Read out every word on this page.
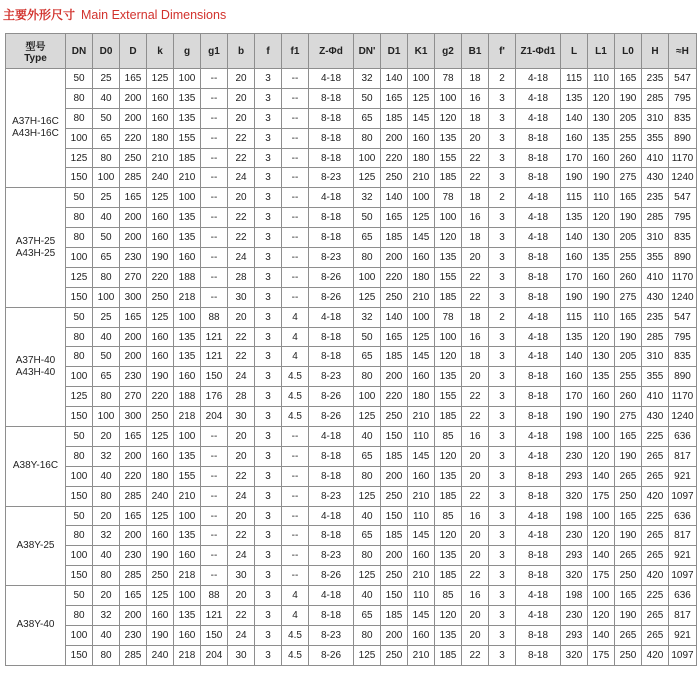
主要外形尺寸 Main External Dimensions
型号
Type	DN	D0	D	k	g	g1	b	f	f1	Z-Φd	DN'	D1	K1	g2	B1	f'	Z1-Φd1	L	L1	L0	H	≈H

A37H-16C
A43H-16C	50	25	165	125	100	--	20	3	--	4-18	32	140	100	78	18	2	4-18	115	110	165	235	547
	80	40	200	160	135	--	20	3	--	8-18	50	165	125	100	16	3	4-18	135	120	190	285	795
	80	50	200	160	135	--	20	3	--	8-18	65	185	145	120	18	3	4-18	140	130	205	310	835
	100	65	220	180	155	--	22	3	--	8-18	80	200	160	135	20	3	8-18	160	135	255	355	890
	125	80	250	210	185	--	22	3	--	8-18	100	220	180	155	22	3	8-18	170	160	260	410	1170
	150	100	285	240	210	--	24	3	--	8-23	125	250	210	185	22	3	8-18	190	190	275	430	1240

A37H-25
A43H-25	50	25	165	125	100	--	20	3	--	4-18	32	140	100	78	18	2	4-18	115	110	165	235	547
	80	40	200	160	135	--	22	3	--	8-18	50	165	125	100	16	3	4-18	135	120	190	285	795
	80	50	200	160	135	--	22	3	--	8-18	65	185	145	120	18	3	4-18	140	130	205	310	835
	100	65	230	190	160	--	24	3	--	8-23	80	200	160	135	20	3	8-18	160	135	255	355	890
	125	80	270	220	188	--	28	3	--	8-26	100	220	180	155	22	3	8-18	170	160	260	410	1170
	150	100	300	250	218	--	30	3	--	8-26	125	250	210	185	22	3	8-18	190	190	275	430	1240

A37H-40
A43H-40	50	25	165	125	100	88	20	3	4	4-18	32	140	100	78	18	2	4-18	115	110	165	235	547
	80	40	200	160	135	121	22	3	4	8-18	50	165	125	100	16	3	4-18	135	120	190	285	795
	80	50	200	160	135	121	22	3	4	8-18	65	185	145	120	18	3	4-18	140	130	205	310	835
	100	65	230	190	160	150	24	3	4.5	8-23	80	200	160	135	20	3	8-18	160	135	255	355	890
	125	80	270	220	188	176	28	3	4.5	8-26	100	220	180	155	22	3	8-18	170	160	260	410	1170
	150	100	300	250	218	204	30	3	4.5	8-26	125	250	210	185	22	3	8-18	190	190	275	430	1240

A38Y-16C	50	20	165	125	100	--	20	3	--	4-18	40	150	110	85	16	3	4-18	198	100	165	225	636
	80	32	200	160	135	--	20	3	--	8-18	65	185	145	120	20	3	4-18	230	120	190	265	817
	100	40	220	180	155	--	22	3	--	8-18	80	200	160	135	20	3	8-18	293	140	265	265	921
	150	80	285	240	210	--	24	3	--	8-23	125	250	210	185	22	3	8-18	320	175	250	420	1097

A38Y-25	50	20	165	125	100	--	20	3	--	4-18	40	150	110	85	16	3	4-18	198	100	165	225	636
	80	32	200	160	135	--	22	3	--	8-18	65	185	145	120	20	3	4-18	230	120	190	265	817
	100	40	230	190	160	--	24	3	--	8-23	80	200	160	135	20	3	8-18	293	140	265	265	921
	150	80	285	250	218	--	30	3	--	8-26	125	250	210	185	22	3	8-18	320	175	250	420	1097

A38Y-40	50	20	165	125	100	88	20	3	4	4-18	40	150	110	85	16	3	4-18	198	100	165	225	636
	80	32	200	160	135	121	22	3	4	8-18	65	185	145	120	20	3	4-18	230	120	190	265	817
	100	40	230	190	160	150	24	3	4.5	8-23	80	200	160	135	20	3	8-18	293	140	265	265	921
	150	80	285	240	218	204	30	3	4.5	8-26	125	250	210	185	22	3	8-18	320	175	250	420	1097
